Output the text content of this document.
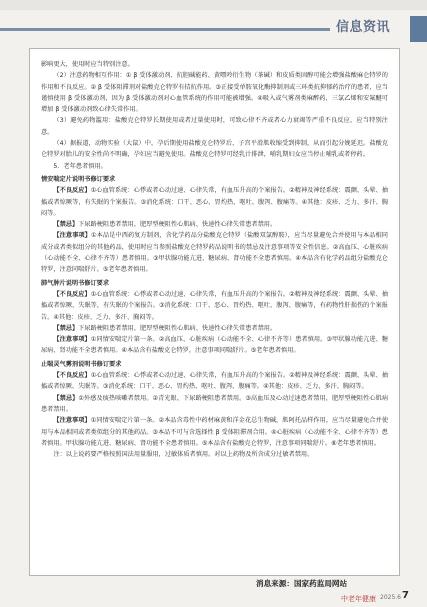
信息资讯

影响更大，使用时应当特别注意。

（2）注意药物相互作用：① β 受体激动剂、抗胆碱能药、黄嘌呤衍生物（茶碱）和皮质类固醇可能会增强盐酸麻仑特罗的作用和不良反应。② β 受体阻滞剂对盐酸克仑特罗有拮抗作用。③正接受单胺氧化酶抑制剂或三环类抗抑郁药治疗的患者，应当谨慎使用 β 受体激动剂，因为 β 受体激动剂对心血管系统的作用可能被增强。④吸入或气雾剂类麻醉药，三氯乙烯和安氟醚可增加 β 受体激动剂致心律失常作用。

（3）避免药物滥用：盐酸克仑特罗长期使用或者过量使用时，可致心律不齐或者心力衰竭等严重不良反应，应当特别注意。

（4）据报道，动物实验（大鼠）中，孕后期使用盐酸克仑特罗后，子宫平滑肌收缩受到抑制，从而引起分娩延迟。盐酸克仑特罗对胎儿的安全性尚不明确，孕妇应当避免使用。盐酸克仑特罗可经乳汁排泄，哺乳期妇女应当停止哺乳或者停药。

5．老年患者慎用。

情安喘定片说明书修订要求

【不良反应】①心血管系统：心悸或者心动过速、心律失常，有血压升高的个案报告。②精神及神经系统：震颤、头晕、抽搐或者惊厥等，有失眠的个案报告。③消化系统：口干、恶心、胃灼热、呕吐、腹泻、腹痛等。④其他：皮疹、乏力、多汗、胸闷等。

【禁忌】下尿路梗阻患者禁用，肥厚型梗阻性心肌病、快速性心律失常患者禁用。

【注意事项】①本品是中西药复方制剂，含化学药品分盐酸克仑特罗（盐酸双氯醇胺），应当尽量避免合并使用与本品相同成分或者类似组分的其他药品，使用时应当参照盐酸克仑特罗药品说明书的禁忌及注意事项等安全性信息。②高血压、心脏疾病（心动能不全、心律不齐等）患者慎用。③甲状腺功能亢进、糖尿病、肾功能不全患者慎用。④本品含有化学药品组分盐酸克仑特罗，注意同喘舒片。⑤老年患者慎用。

肺气肿片说明书修订要求

【不良反应】①心血管系统：心悸或者心动过速、心律失常，有血压升高的个案报告。②精神及神经系统：震颤、头晕、抽搐或者惊厥、失眠等，有失眠的个案报告。③消化系统：口干、恶心、胃灼热、呕吐、腹泻、腹痛等，有药物性肝损伤的个案报告。④其他：皮疹、乏力、多汗、胸闷等。

【禁忌】下尿路梗阻患者禁用，肥厚型梗阻性心肌病、快速性心律失常患者禁用。

【注意事项】①同情安喘定片第一条。②高血压、心脏疾病（心动能不全、心律不齐等）患者慎用。③甲状腺功能亢进、糖尿病、肾功能不全患者慎用。④本品含有盐酸克仑特罗，注意事项同喘舒片。⑤老年患者慎用。

止喘灵气雾剂说明书修订要求

【不良反应】①心血管系统：心悸或者心动过速、心律失常，有血压升高的个案报告。②精神及神经系统：震颤、头晕、抽搐或者惊厥、失眠等。③消化系统：口干、恶心、胃灼热、呕吐、腹泻、腹痛等。④其他：皮疹、乏力、多汗、胸闷等。

【禁忌】①外感及痰热咳嗽者禁用。②青光眼、下尿路梗阻患者禁用。③高血压及心动过速患者禁用，肥厚型梗阻性心肌病患者禁用。

【注意事项】①同情安喘定片第一条。②本品含毒性中药材麻黄和洋金花总生物碱，肌阿托品样作用，应当尽量避免合并使用与本品相同或者类似组分的其他药品。③本品不可与含选择性 β 受体阻滞剂合用。④心脏疾病（心动能不全、心律不齐等）患者慎用。甲状腺功能亢进、糖尿病、肾功能不全患者慎用。⑤本品含有盐酸克仑特罗，注意事项同喘舒片。⑥老年患者慎用。

注：以上说药要严格按照国法用量服用，过敏体质者慎用。对以上药物及所含成分过敏者禁用。

消息来源：国家药监局网站
中老年健康 2025.6 7
